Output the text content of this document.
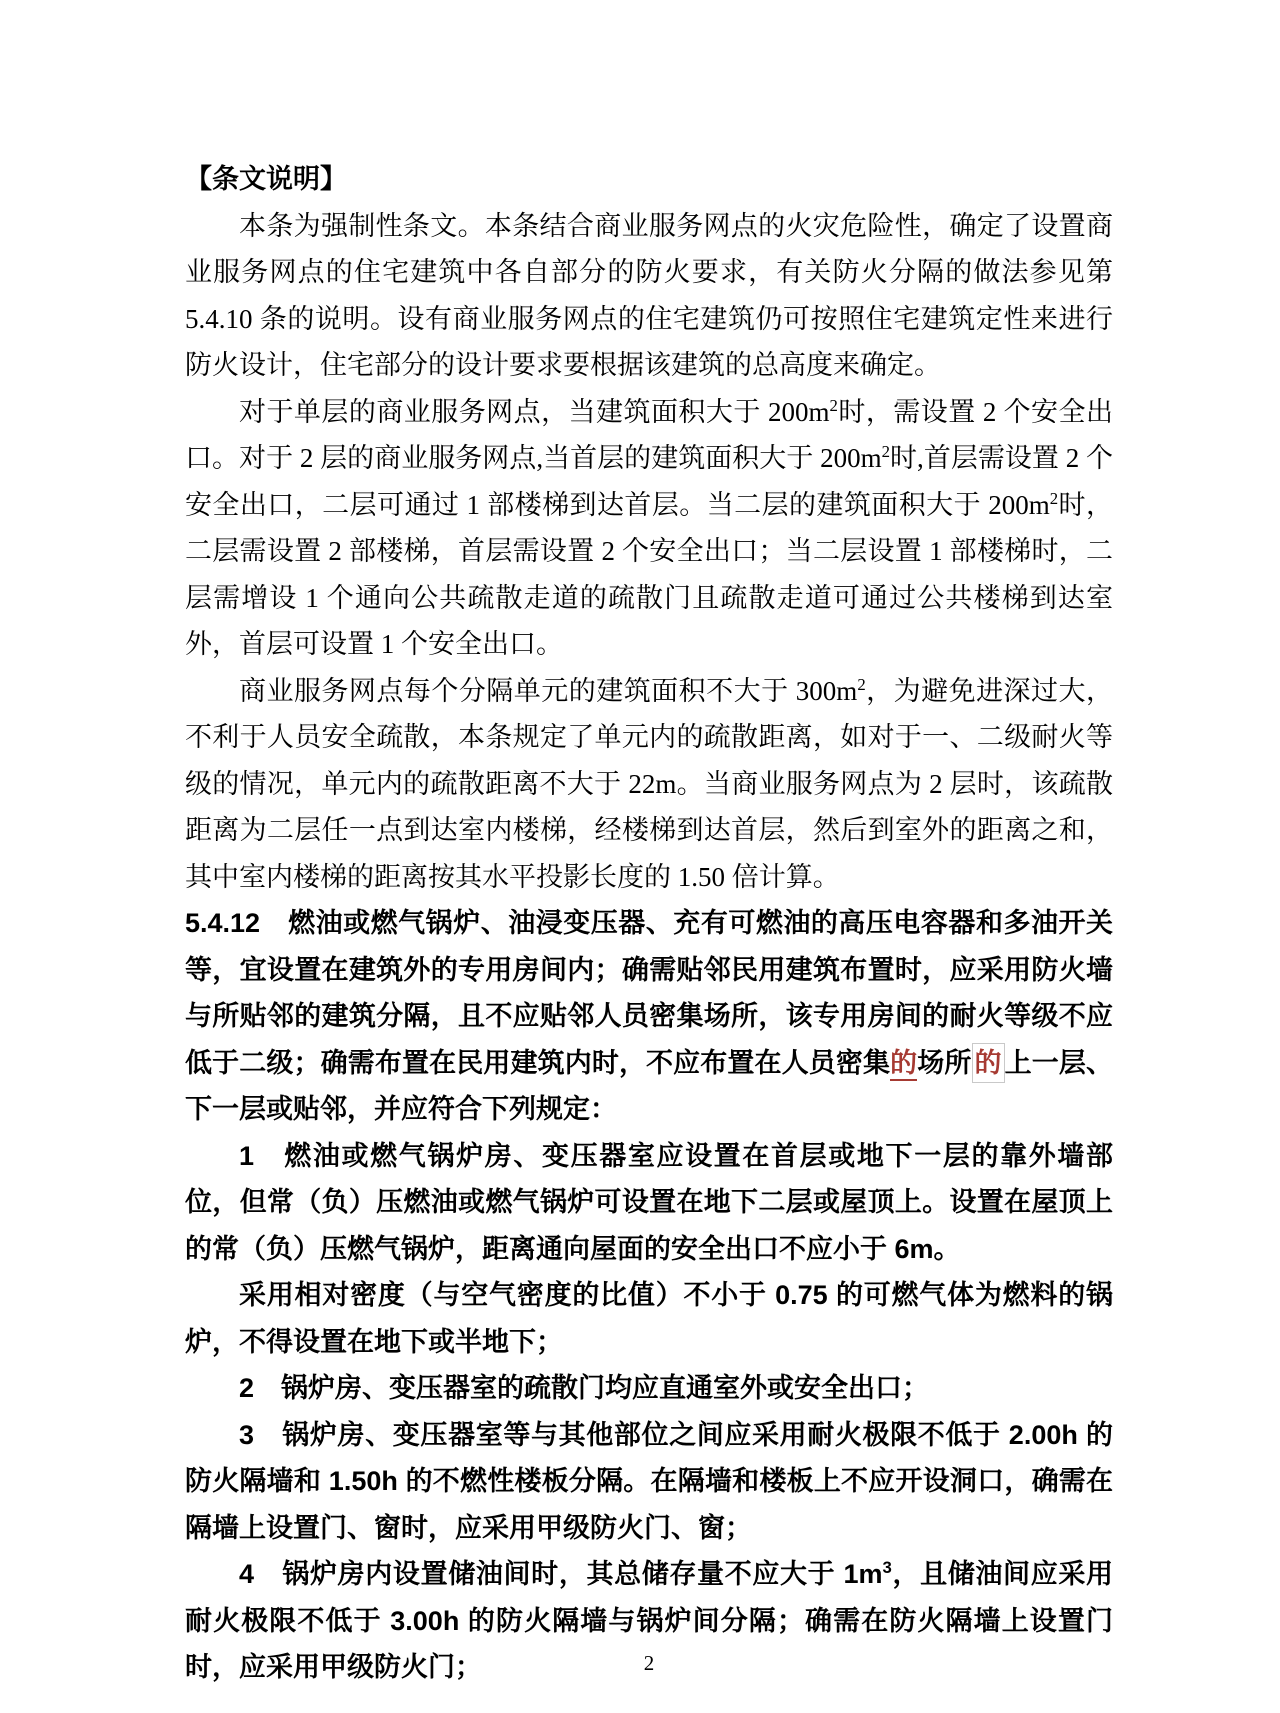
【条文说明】

本条为强制性条文。本条结合商业服务网点的火灾危险性，确定了设置商业服务网点的住宅建筑中各自部分的防火要求，有关防火分隔的做法参见第 5.4.10 条的说明。设有商业服务网点的住宅建筑仍可按照住宅建筑定性来进行防火设计，住宅部分的设计要求要根据该建筑的总高度来确定。

对于单层的商业服务网点，当建筑面积大于 $200m^2$时，需设置 2 个安全出口。对于 2 层的商业服务网点,当首层的建筑面积大于 $200m^2$时,首层需设置 2 个安全出口，二层可通过 1 部楼梯到达首层。当二层的建筑面积大于 $200m^2$时，二层需设置 2 部楼梯，首层需设置 2 个安全出口；当二层设置 1 部楼梯时，二层需增设 1 个通向公共疏散走道的疏散门且疏散走道可通过公共楼梯到达室外，首层可设置 1 个安全出口。

商业服务网点每个分隔单元的建筑面积不大于 $300m^2$，为避免进深过大，不利于人员安全疏散，本条规定了单元内的疏散距离，如对于一、二级耐火等级的情况，单元内的疏散距离不大于 22m。当商业服务网点为 2 层时，该疏散距离为二层任一点到达室内楼梯，经楼梯到达首层，然后到室外的距离之和，其中室内楼梯的距离按其水平投影长度的 1.50 倍计算。

5.4.12　燃油或燃气锅炉、油浸变压器、充有可燃油的高压电容器和多油开关等，宜设置在建筑外的专用房间内；确需贴邻民用建筑布置时，应采用防火墙与所贴邻的建筑分隔，且不应贴邻人员密集场所，该专用房间的耐火等级不应低于二级；确需布置在民用建筑内时，不应布置在人员密集的场所 的 上一层、下一层或贴邻，并应符合下列规定：

1　燃油或燃气锅炉房、变压器室应设置在首层或地下一层的靠外墙部位，但常（负）压燃油或燃气锅炉可设置在地下二层或屋顶上。设置在屋顶上的常（负）压燃气锅炉，距离通向屋面的安全出口不应小于 6m。

采用相对密度（与空气密度的比值）不小于 0.75 的可燃气体为燃料的锅炉，不得设置在地下或半地下；

2　锅炉房、变压器室的疏散门均应直通室外或安全出口；

3　锅炉房、变压器室等与其他部位之间应采用耐火极限不低于 2.00h 的防火隔墙和 1.50h 的不燃性楼板分隔。在隔墙和楼板上不应开设洞口，确需在隔墙上设置门、窗时，应采用甲级防火门、窗；

4　锅炉房内设置储油间时，其总储存量不应大于 $1m^3$，且储油间应采用耐火极限不低于 3.00h 的防火隔墙与锅炉间分隔；确需在防火隔墙上设置门时，应采用甲级防火门；	2
